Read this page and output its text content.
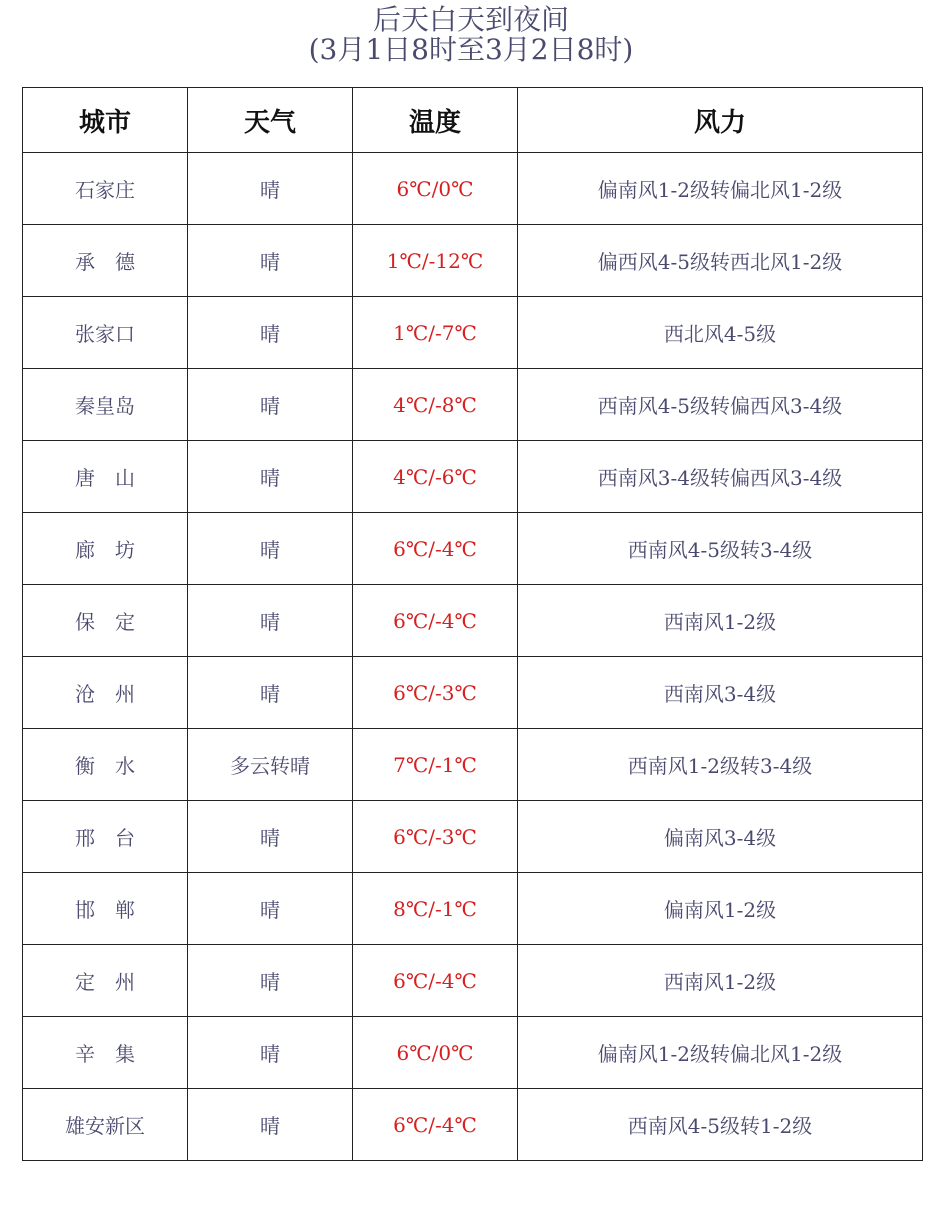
后天白天到夜间
(3月1日8时至3月2日8时)
城市	天气	温度	风力
石家庄	晴	6℃/0℃	偏南风1-2级转偏北风1-2级
承　德	晴	1℃/-12℃	偏西风4-5级转西北风1-2级
张家口	晴	1℃/-7℃	西北风4-5级
秦皇岛	晴	4℃/-8℃	西南风4-5级转偏西风3-4级
唐　山	晴	4℃/-6℃	西南风3-4级转偏西风3-4级
廊　坊	晴	6℃/-4℃	西南风4-5级转3-4级
保　定	晴	6℃/-4℃	西南风1-2级
沧　州	晴	6℃/-3℃	西南风3-4级
衡　水	多云转晴	7℃/-1℃	西南风1-2级转3-4级
邢　台	晴	6℃/-3℃	偏南风3-4级
邯　郸	晴	8℃/-1℃	偏南风1-2级
定　州	晴	6℃/-4℃	西南风1-2级
辛　集	晴	6℃/0℃	偏南风1-2级转偏北风1-2级
雄安新区	晴	6℃/-4℃	西南风4-5级转1-2级
